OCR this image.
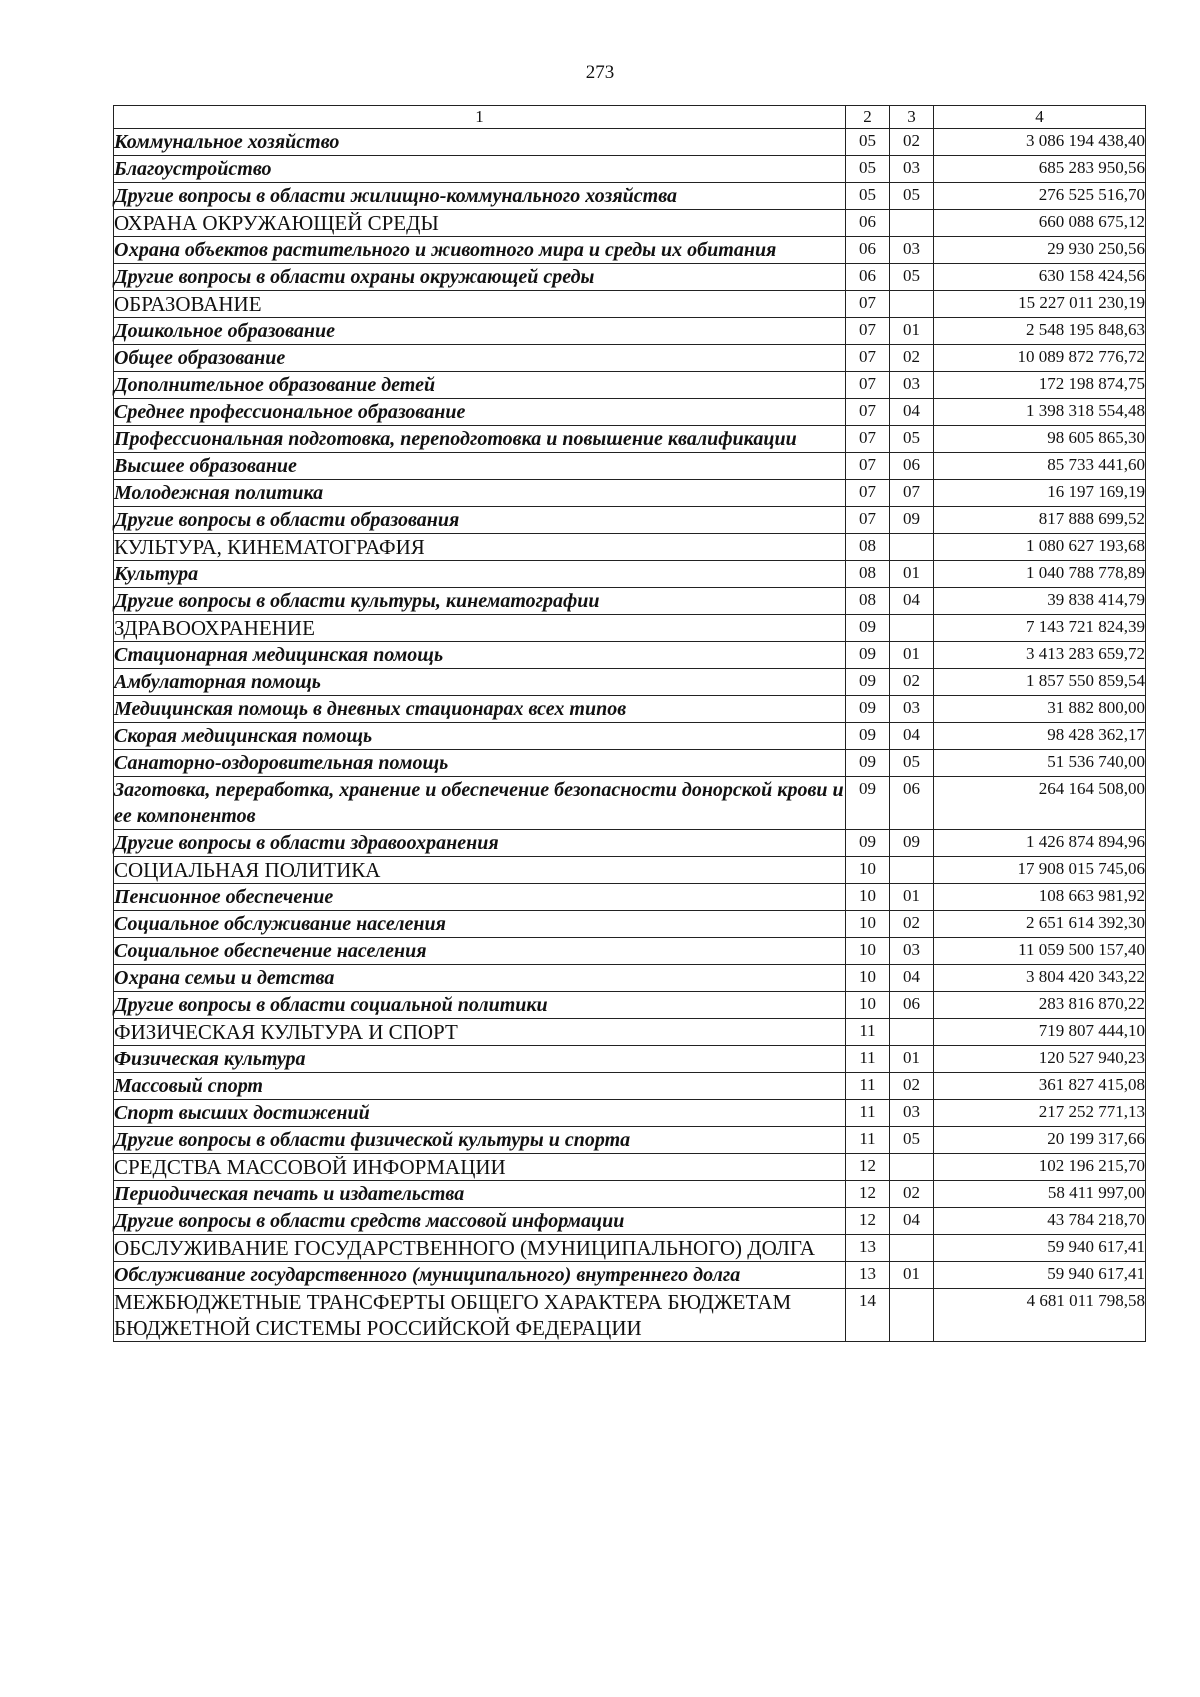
273
1	2	3	4
Коммунальное хозяйство	05	02	3 086 194 438,40
Благоустройство	05	03	685 283 950,56
Другие вопросы в области жилищно-коммунального хозяйства	05	05	276 525 516,70
ОХРАНА ОКРУЖАЮЩЕЙ СРЕДЫ	06		660 088 675,12
Охрана объектов растительного и животного мира и среды их обитания	06	03	29 930 250,56
Другие вопросы в области охраны окружающей среды	06	05	630 158 424,56
ОБРАЗОВАНИЕ	07		15 227 011 230,19
Дошкольное образование	07	01	2 548 195 848,63
Общее образование	07	02	10 089 872 776,72
Дополнительное образование детей	07	03	172 198 874,75
Среднее профессиональное образование	07	04	1 398 318 554,48
Профессиональная подготовка, переподготовка и повышение квалификации	07	05	98 605 865,30
Высшее образование	07	06	85 733 441,60
Молодежная политика	07	07	16 197 169,19
Другие вопросы в области образования	07	09	817 888 699,52
КУЛЬТУРА, КИНЕМАТОГРАФИЯ	08		1 080 627 193,68
Культура	08	01	1 040 788 778,89
Другие вопросы в области культуры, кинематографии	08	04	39 838 414,79
ЗДРАВООХРАНЕНИЕ	09		7 143 721 824,39
Стационарная медицинская помощь	09	01	3 413 283 659,72
Амбулаторная помощь	09	02	1 857 550 859,54
Медицинская помощь в дневных стационарах всех типов	09	03	31 882 800,00
Скорая медицинская помощь	09	04	98 428 362,17
Санаторно-оздоровительная помощь	09	05	51 536 740,00
Заготовка, переработка, хранение и обеспечение безопасности донорской крови и ее компонентов	09	06	264 164 508,00
Другие вопросы в области здравоохранения	09	09	1 426 874 894,96
СОЦИАЛЬНАЯ ПОЛИТИКА	10		17 908 015 745,06
Пенсионное обеспечение	10	01	108 663 981,92
Социальное обслуживание населения	10	02	2 651 614 392,30
Социальное обеспечение населения	10	03	11 059 500 157,40
Охрана семьи и детства	10	04	3 804 420 343,22
Другие вопросы в области социальной политики	10	06	283 816 870,22
ФИЗИЧЕСКАЯ КУЛЬТУРА И СПОРТ	11		719 807 444,10
Физическая культура	11	01	120 527 940,23
Массовый спорт	11	02	361 827 415,08
Спорт высших достижений	11	03	217 252 771,13
Другие вопросы в области физической культуры и спорта	11	05	20 199 317,66
СРЕДСТВА МАССОВОЙ ИНФОРМАЦИИ	12		102 196 215,70
Периодическая печать и издательства	12	02	58 411 997,00
Другие вопросы в области средств массовой информации	12	04	43 784 218,70
ОБСЛУЖИВАНИЕ ГОСУДАРСТВЕННОГО (МУНИЦИПАЛЬНОГО) ДОЛГА	13		59 940 617,41
Обслуживание государственного (муниципального) внутреннего долга	13	01	59 940 617,41
МЕЖБЮДЖЕТНЫЕ ТРАНСФЕРТЫ ОБЩЕГО ХАРАКТЕРА БЮДЖЕТАМ БЮДЖЕТНОЙ СИСТЕМЫ РОССИЙСКОЙ ФЕДЕРАЦИИ	14		4 681 011 798,58
